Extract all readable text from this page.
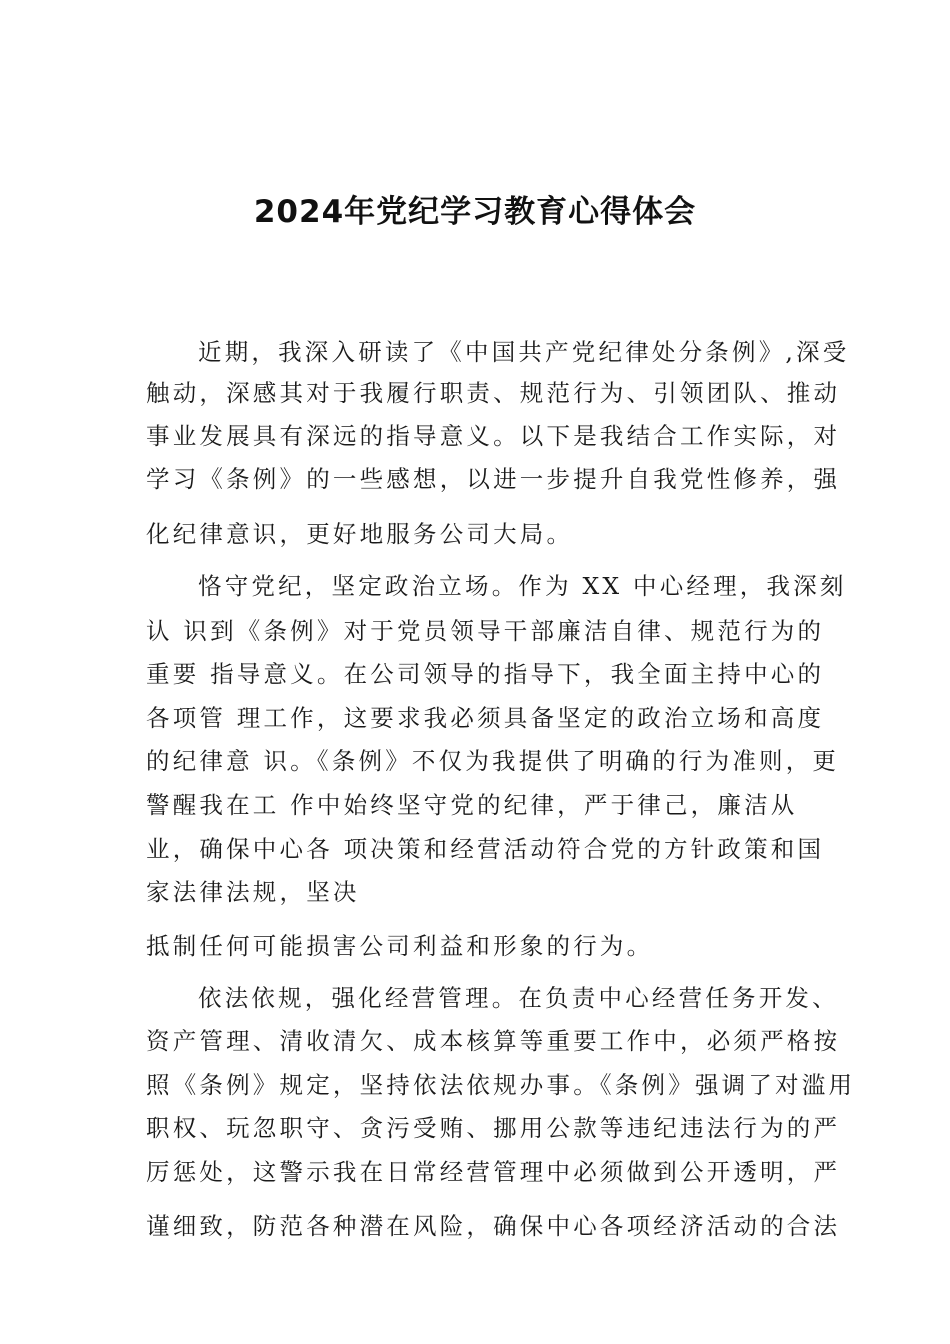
2024年党纪学习教育心得体会
近期，我深入研读了《中国共产党纪律处分条例》,深受
触动，深感其对于我履行职责、规范行为、引领团队、推动
事业发展具有深远的指导意义。以下是我结合工作实际，对
学习《条例》的一些感想，以进一步提升自我党性修养，强
化纪律意识，更好地服务公司大局。
恪守党纪，坚定政治立场。作为 XX 中心经理，我深刻
认 识到《条例》对于党员领导干部廉洁自律、规范行为的
重要 指导意义。在公司领导的指导下，我全面主持中心的
各项管 理工作，这要求我必须具备坚定的政治立场和高度
的纪律意 识。《条例》不仅为我提供了明确的行为准则，更
警醒我在工 作中始终坚守党的纪律，严于律己，廉洁从
业，确保中心各 项决策和经营活动符合党的方针政策和国
家法律法规，坚决
抵制任何可能损害公司利益和形象的行为。
依法依规，强化经营管理。在负责中心经营任务开发、
资产管理、清收清欠、成本核算等重要工作中，必须严格按
照《条例》规定，坚持依法依规办事。《条例》强调了对滥用
职权、玩忽职守、贪污受贿、挪用公款等违纪违法行为的严
厉惩处，这警示我在日常经营管理中必须做到公开透明，严
谨细致，防范各种潜在风险，确保中心各项经济活动的合法
